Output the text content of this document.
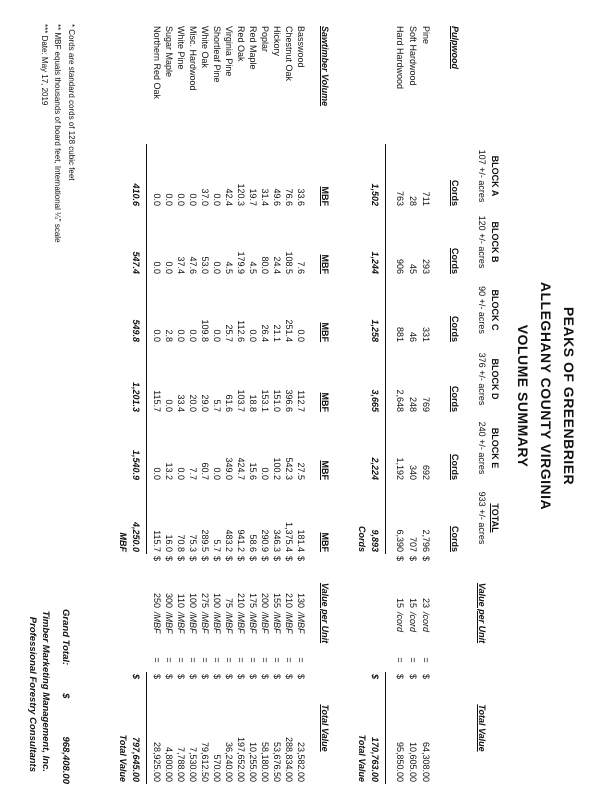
PEAKS OF GREENBRIER
ALLEGHANY COUNTY VIRGINIA
VOLUME SUMMARY
	BLOCK A	BLOCK B	BLOCK C	BLOCK D	BLOCK E	TOTAL	Value per Unit				Total Value	
	107 +/- acres	120 +/- acres	90 +/- acres	376 +/- acres	240 +/- acres	933 +/- acres						

Pulpwood	Cords	Cords	Cords	Cords	Cords	Cords						

Pine	711	293	331	769	692	2,796	$	23	/cord	=	$	64,308.00
Soft Hardwood	28	45	46	248	340	707	$	15	/cord	=	$	10,605.00
Hard Hardwood	763	906	881	2,648	1,192	6,390	$	15	/cord	=	$	95,850.00

	1,502	1,244	1,258	3,665	2,224	9,893					$	170,763.00
						Cords					Total Value	

Sawtimber Volume	MBF	MBF	MBF	MBF	MBF	MBF	Value per Unit				Total Value	

Basswood	33.6	7.6	0.0	112.7	27.5	181.4	$	130	/MBF	=	$	23,582.00
Chestnut Oak	76.6	108.5	251.4	396.6	542.3	1,375.4	$	210	/MBF	=	$	288,834.00
Hickory	49.6	24.4	21.1	151.0	100.2	346.3	$	155	/MBF	=	$	53,676.50
Poplar	31.4	80.0	26.4	153.1	0.0	290.9	$	200	/MBF	=	$	58,180.00
Red Maple	19.7	4.5	0.0	18.8	15.6	58.6	$	175	/MBF	=	$	10,255.00
Red Oak	120.3	179.9	112.6	103.7	424.7	941.2	$	210	/MBF	=	$	197,652.00
Virginia Pine	42.4	4.5	25.7	61.6	349.0	483.2	$	75	/MBF	=	$	36,240.00
Shortleaf Pine	0.0	0.0	0.0	5.7	0.0	5.7	$	100	/MBF	=	$	570.00
White Oak	37.0	53.0	109.8	29.0	60.7	289.5	$	275	/MBF	=	$	79,612.50
Misc. Hardwood	0.0	47.6	0.0	20.0	7.7	75.3	$	100	/MBF	=	$	7,530.00
White Pine	0.0	37.4	0.0	33.4	0.0	70.8	$	110	/MBF	=	$	7,788.00
Sugar Maple	0.0	0.0	2.8	0.0	13.2	16.0	$	300	/MBF	=	$	4,800.00
Northern Red Oak	0.0	0.0	0.0	115.7	0.0	115.7	$	250	/MBF	=	$	28,925.00

	410.6	547.4	549.8	1,201.3	1,540.9	4,250.0					$	797,645.00
						MBF					Total Value	
Grand Total:$968,408.00
* Cords are standard cords of 128 cubic feet
** MBF equals thousands of board feet, International ¼" scale
*** Date: May 17, 2019
Timber Marketing Management, Inc.
Professional Forestry Consultants
